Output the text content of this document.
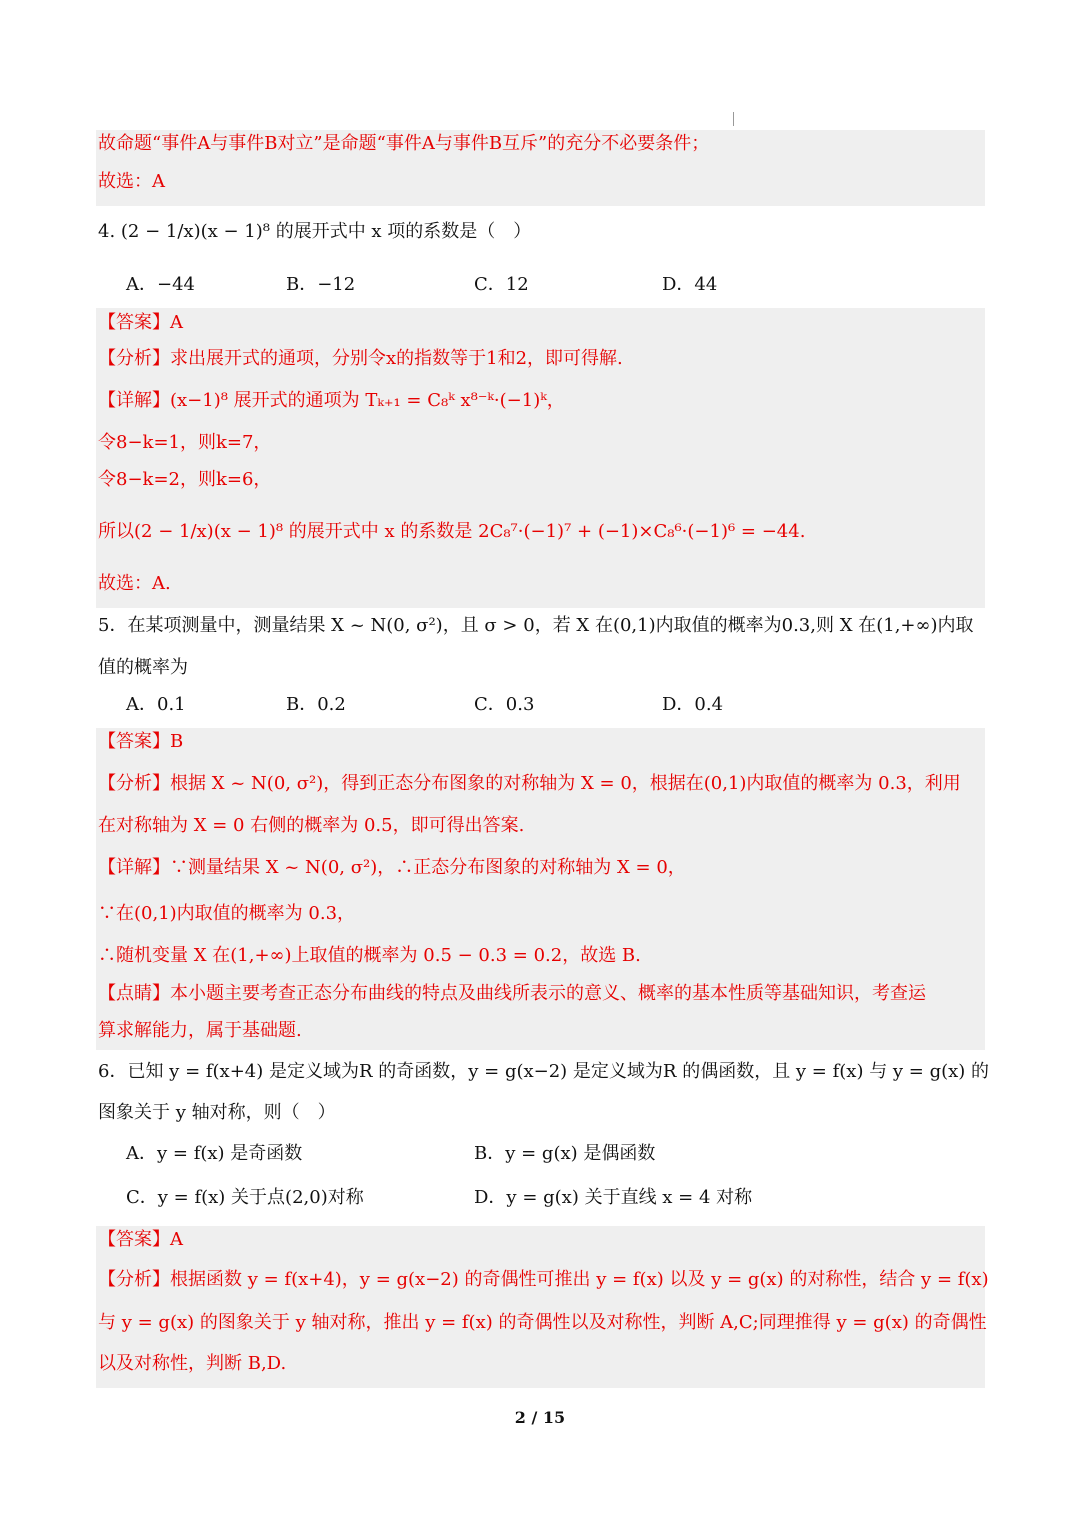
故命题“事件A与事件B对立”是命题“事件A与事件B互斥”的充分不必要条件；
故选：A
4. (2 − 1/x)(x − 1)⁸ 的展开式中 x 项的系数是（　）
A．−44	B．−12	C．12	D．44
【答案】A
【分析】求出展开式的通项，分别令x的指数等于1和2，即可得解.
【详解】(x−1)⁸ 展开式的通项为 Tₖ₊₁ = C₈ᵏ x⁸⁻ᵏ·(−1)ᵏ，
令8−k=1，则k=7，
令8−k=2，则k=6，
所以(2 − 1/x)(x − 1)⁸ 的展开式中 x 的系数是 2C₈⁷·(−1)⁷ + (−1)×C₈⁶·(−1)⁶ = −44.
故选：A.
5．在某项测量中，测量结果 X ~ N(0, σ²)，且 σ > 0，若 X 在(0,1)内取值的概率为0.3,则 X 在(1,+∞)内取
值的概率为
A．0.1	B．0.2	C．0.3	D．0.4
【答案】B
【分析】根据 X ~ N(0, σ²)，得到正态分布图象的对称轴为 X = 0，根据在(0,1)内取值的概率为 0.3，利用
在对称轴为 X = 0 右侧的概率为 0.5，即可得出答案.
【详解】∵测量结果 X ~ N(0, σ²)，∴正态分布图象的对称轴为 X = 0，
∵在(0,1)内取值的概率为 0.3，
∴随机变量 X 在(1,+∞)上取值的概率为 0.5 − 0.3 = 0.2，故选 B.
【点睛】本小题主要考查正态分布曲线的特点及曲线所表示的意义、概率的基本性质等基础知识，考查运
算求解能力，属于基础题.
6．已知 y = f(x+4) 是定义域为R 的奇函数，y = g(x−2) 是定义域为R 的偶函数，且 y = f(x) 与 y = g(x) 的
图象关于 y 轴对称，则（　）
A．y = f(x) 是奇函数	B．y = g(x) 是偶函数
C．y = f(x) 关于点(2,0)对称	D．y = g(x) 关于直线 x = 4 对称
【答案】A
【分析】根据函数 y = f(x+4)，y = g(x−2) 的奇偶性可推出 y = f(x) 以及 y = g(x) 的对称性，结合 y = f(x)
与 y = g(x) 的图象关于 y 轴对称，推出 y = f(x) 的奇偶性以及对称性，判断 A,C;同理推得 y = g(x) 的奇偶性
以及对称性，判断 B,D.
2 / 15
